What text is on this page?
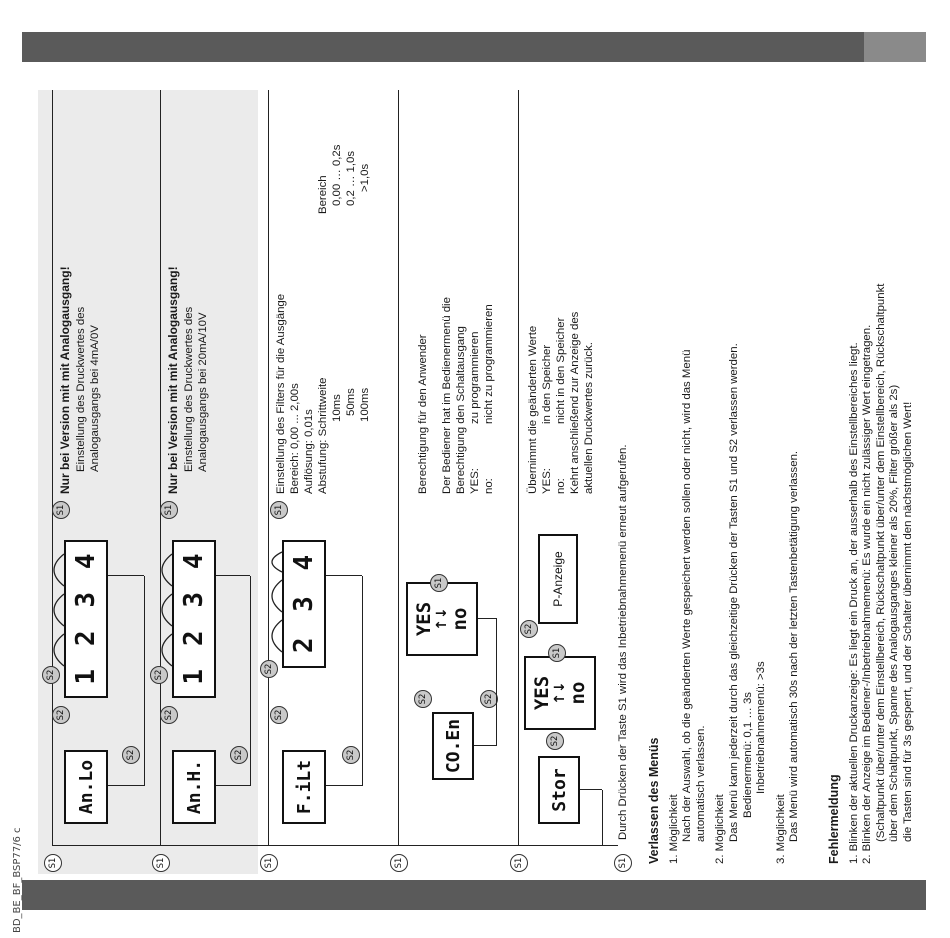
BD_BE_BF_BSP77/6 c	S1
An.Lo
S2
S2
1
2
3
4
S2
S1
Nur bei Version mit mit Analogausgang! Einstellung des Druckwertes des Analogausgangs bei 4mA/0V
S1
An.H.
S2
S2
1
2
3
4
S2
S1
Nur bei Version mit mit Analogausgang! Einstellung des Druckwertes des Analogausgangs bei 20mA/10V
S1
F.iLt
S2
S2
2
3
4
S2
S1
Einstellung des Filters für die Ausgänge Bereich: 0,00 ... 2,00s Auflösung: 0,01s Abstufung: Schrittweite
Bereich
10ms
0,00 … 0,2s
50ms
0,2 … 1,0s
100ms
>1,0s
S1
CO.En
S2	S2
YES ↑↓ no
S1
Berechtigung für den Anwender Der Bediener hat im Bedienermenü die Berechtigung den Schaltausgang YES:
zu programmieren
no:
nicht zu programmieren
S1
Stor
S2
YES ↑↓ no
S1
S2
P-Anzeige
Übernimmt die geänderten Werte YES:
in den Speicher
no:
nicht in den Speicher Kehrt anschließend zur Anzeige des aktuellen Druckwertes zurück.
S1
Durch Drücken der Taste S1 wird das Inbetriebnahmemenü erneut aufgerufen. Verlassen des Menüs 1. Möglichkeit Nach der Auswahl, ob die geänderten Werte gespeichert werden sollen oder nicht, wird das Menü automatisch verlassen. 2. Möglichkeit Das Menü kann jederzeit durch das gleichzeitige Drücken der Tasten S1 und S2 verlassen werden. Bedienermenü: 0,1 … 3s Inbetriebnahmemenü: >3s

3. Möglichkeit Das Menü wird automatisch 30s nach der letzten Tastenbetätigung verlassen. Fehlermeldung 1. Blinken der aktuellen Druckanzeige: Es liegt ein Druck an, der ausserhalb des Einstellbereiches liegt. 2. Blinken der Anzeige im Bediener-/Inbetriebnahmemenü: Es wurde ein nicht zulässiger Wert eingetragen. (Schaltpunkt über/unter dem Einstellbereich, Rückschaltpunkt über/unter dem Einstellbereich, Rückschaltpunkt über dem Schaltpunkt, Spanne des Analogausganges kleiner als 20%, Filter größer als 2s) die Tasten sind für 3s gesperrt, und der Schalter übernimmt den nächstmöglichen Wert!
